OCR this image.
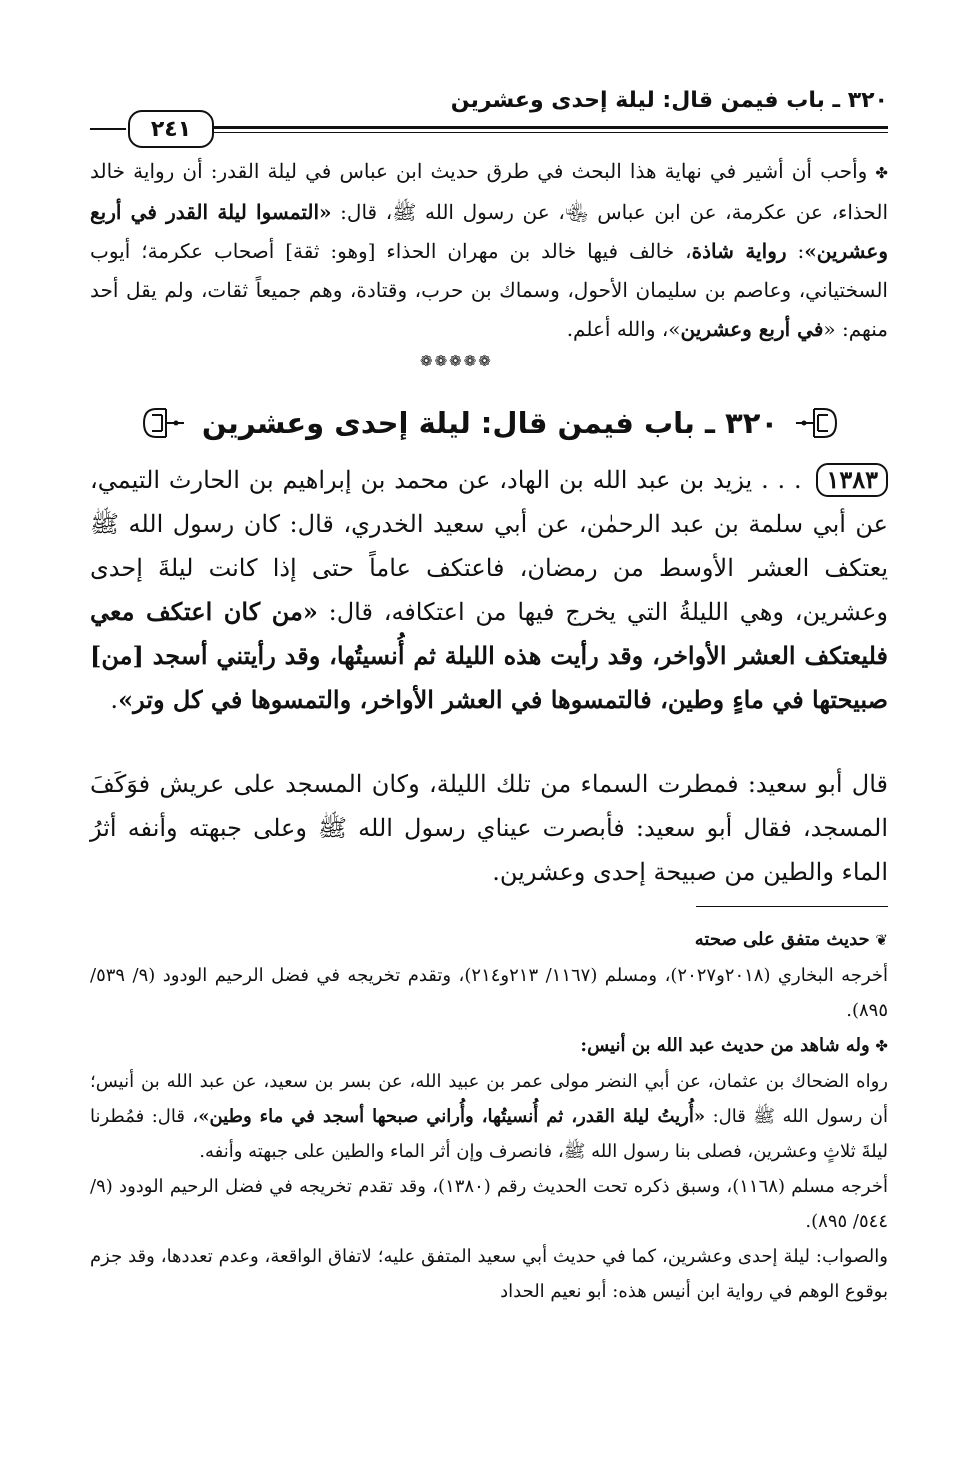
٣٢٠ ـ باب فيمن قال: ليلة إحدى وعشرين
٢٤١

✤ وأحب أن أشير في نهاية هذا البحث في طرق حديث ابن عباس في ليلة القدر: أن رواية خالد الحذاء، عن عكرمة، عن ابن عباس ﵄، عن رسول الله ﷺ، قال: «التمسوا ليلة القدر في أربع وعشرين»: رواية شاذة، خالف فيها خالد بن مهران الحذاء [وهو: ثقة] أصحاب عكرمة؛ أيوب السختياني، وعاصم بن سليمان الأحول، وسماك بن حرب، وقتادة، وهم جميعاً ثقات، ولم يقل أحد منهم: «في أربع وعشرين»، والله أعلم.

❁❁❁❁❁
٣٢٠ ـ باب فيمن قال: ليلة إحدى وعشرين

١٣٨٣ . . . يزيد بن عبد الله بن الهاد، عن محمد بن إبراهيم بن الحارث التيمي، عن أبي سلمة بن عبد الرحمٰن، عن أبي سعيد الخدري، قال: كان رسول الله ﷺ يعتكف العشر الأوسط من رمضان، فاعتكف عاماً حتى إذا كانت ليلةَ إحدى وعشرين، وهي الليلةُ التي يخرج فيها من اعتكافه، قال: «من كان اعتكف معي فليعتكف العشر الأواخر، وقد رأيت هذه الليلة ثم أُنسيتُها، وقد رأيتني أسجد [من] صبيحتها في ماءٍ وطين، فالتمسوها في العشر الأواخر، والتمسوها في كل وتر».

قال أبو سعيد: فمطرت السماء من تلك الليلة، وكان المسجد على عريش فوَكَفَ المسجد، فقال أبو سعيد: فأبصرت عيناي رسول الله ﷺ وعلى جبهته وأنفه أثرُ الماء والطين من صبيحة إحدى وعشرين.

❦ حديث متفق على صحته

أخرجه البخاري (٢٠١٨و٢٠٢٧)، ومسلم (١١٦٧/ ٢١٣و٢١٤)، وتقدم تخريجه في فضل الرحيم الودود (٩/ ٥٣٩/ ٨٩٥).

✤ وله شاهد من حديث عبد الله بن أنيس:

رواه الضحاك بن عثمان، عن أبي النضر مولى عمر بن عبيد الله، عن بسر بن سعيد، عن عبد الله بن أنيس؛ أن رسول الله ﷺ قال: «أُريتُ ليلة القدر، ثم أُنسيتُها، وأُراني صبحها أسجد في ماء وطين»، قال: فمُطرنا ليلةَ ثلاثٍ وعشرين، فصلى بنا رسول الله ﷺ، فانصرف وإن أثر الماء والطين على جبهته وأنفه.

أخرجه مسلم (١١٦٨)، وسبق ذكره تحت الحديث رقم (١٣٨٠)، وقد تقدم تخريجه في فضل الرحيم الودود (٩/ ٥٤٤/ ٨٩٥).

والصواب: ليلة إحدى وعشرين، كما في حديث أبي سعيد المتفق عليه؛ لاتفاق الواقعة، وعدم تعددها، وقد جزم بوقوع الوهم في رواية ابن أنيس هذه: أبو نعيم الحداد
